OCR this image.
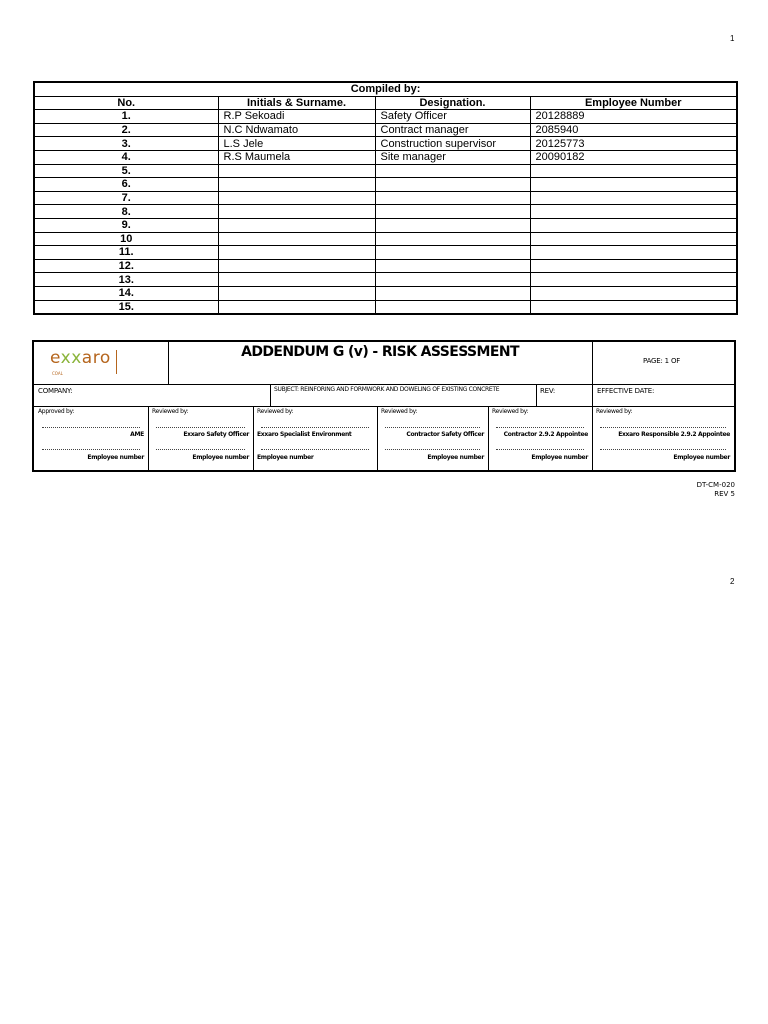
1
Compiled by:			
No.	Initials & Surname.	Designation.	Employee Number
1.	R.P Sekoadi	Safety Officer	20128889
2.	N.C Ndwamato	Contract manager	2085940
3.	L.S Jele	Construction supervisor	20125773
4.	R.S Maumela	Site manager	20090182
5.			
6.			
7.			
8.			
9.			
10			
11.			
12.			
13.			
14.			
15.			
exxaro
COAL
ADDENDUM G (v) - RISK ASSESSMENT
PAGE: 1 OF
COMPANY:	SUBJECT: REINFORING AND FORMWORK AND DOWELING OF EXISTING CONCRETE	REV:	EFFECTIVE DATE:
Approved by:
AME
Employee number
Reviewed by:
Exxaro Safety Officer
Employee number
Reviewed by:
Exxaro Specialist Environment
Employee number
Reviewed by:
Contractor Safety Officer
Employee number
Reviewed by:
Contractor 2.9.2 Appointee
Employee number
Reviewed by:
Exxaro Responsible 2.9.2 Appointee
Employee number
DT-CM-020
REV 5
2
